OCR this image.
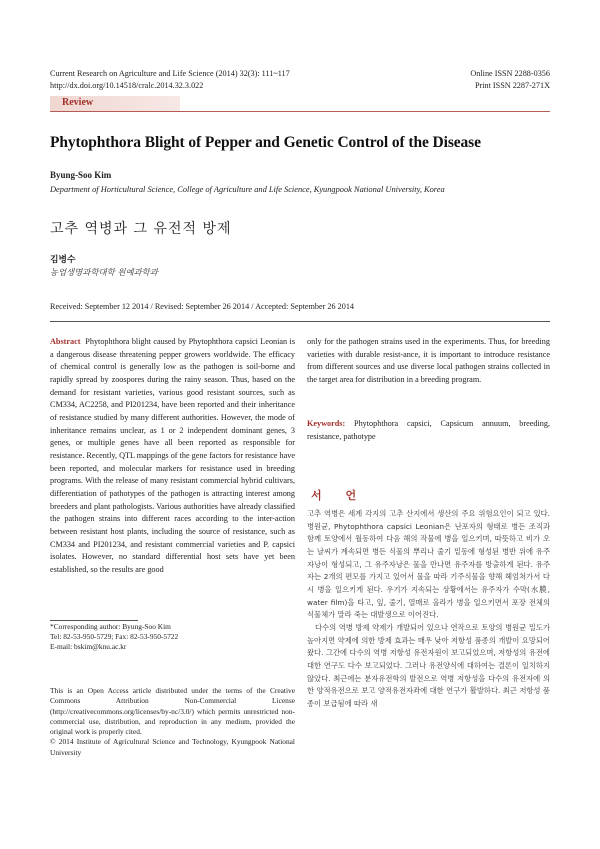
Current Research on Agriculture and Life Science (2014) 32(3): 111~117
http://dx.doi.org/10.14518/cralс.2014.32.3.022
Online ISSN 2288-0356
Print ISSN 2287-271X
Review
Phytophthora Blight of Pepper and Genetic Control of the Disease
Byung-Soo Kim
Department of Horticultural Science, College of Agriculture and Life Science, Kyungpook National University, Korea
고추 역병과 그 유전적 방제
김병수
농업생명과학대학 원예과학과
Received: September 12 2014 / Revised: September 26 2014 / Accepted: September 26 2014

Abstract Phytophthora blight caused by Phytophthora capsici Leonian is a dangerous disease threatening pepper growers worldwide. The efficacy of chemical control is generally low as the pathogen is soil-borne and rapidly spread by zoospores during the rainy season. Thus, based on the demand for resistant varieties, various good resistant sources, such as CM334, AC2258, and PI201234, have been reported and their inheritance of resistance studied by many different authorities. However, the mode of inheritance remains unclear, as 1 or 2 independent dominant genes, 3 genes, or multiple genes have all been reported as responsible for resistance. Recently, QTL mappings of the gene factors for resistance have been reported, and molecular markers for resistance used in breeding programs. With the release of many resistant commercial hybrid cultivars, differentiation of pathotypes of the pathogen is attracting interest among breeders and plant pathologists. Various authorities have already classified the pathogen strains into different races according to the inter-action between resistant host plants, including the source of resistance, such as CM334 and PI201234, and resistant commercial varieties and P. capsici isolates. However, no standard differential host sets have yet been established, so the results are good

only for the pathogen strains used in the experiments. Thus, for breeding varieties with durable resist-ance, it is important to introduce resistance from different sources and use diverse local pathogen strains collected in the target area for distribution in a breeding program.

Keywords: Phytophthora capsici, Capsicum annuum, breeding, resistance, pathotype

서 언

고추 역병은 세계 각지의 고추 산지에서 생산의 주요 위험요인이 되고 있다. 병원균, Phytophthora capsici Leonian은 난포자의 형태로 병든 조직과 함께 토양에서 월동하여 다음 해의 작물에 병을 일으키며, 따뜻하고 비가 오는 날씨가 계속되면 병든 식물의 뿌리나 줄기 밑동에 형성된 병반 위에 유주자낭이 형성되고, 그 유주자낭은 물을 만나면 유주자를 방출하게 된다. 유주자는 2개의 편모를 가지고 있어서 물을 따라 기주식물을 향해 헤엄쳐가서 다시 병을 일으키게 된다. 우기가 지속되는 상황에서는 유주자가 수막(水膜, water film)을 타고, 잎, 줄기, 열매로 올라가 병을 일으키면서 포장 전체의 식물체가 말라 죽는 대발생으로 이어진다.

다수의 역병 방제 약제가 개발되어 있으나 연작으로 토양의 병원균 밀도가 높아지면 약제에 의한 방제 효과는 매우 낮아 저항성 품종의 개발이 요망되어 왔다. 그간에 다수의 역병 저항성 유전자원이 보고되었으며, 저항성의 유전에 대한 연구도 다수 보고되었다. 그러나 유전양식에 대하여는 결론이 일치하지 않았다. 최근에는 분자유전학의 발전으로 역병 저항성을 다수의 유전자에 의한 양적유전으로 보고 양적유전자좌에 대한 연구가 활발하다. 최근 저항성 품종이 보급됨에 따라 새

*Corresponding author: Byung-Soo Kim
Tel: 82-53-950-5729; Fax: 82-53-950-5722
E-mail: bskim@knu.ac.kr
This is an Open Access article distributed under the terms of the Creative Commons Attribution Non-Commercial License (http://creativecommons.org/licenses/by-nc/3.0/) which permits unrestricted non-commercial use, distribution, and reproduction in any medium, provided the original work is properly cited.
© 2014 Institute of Agricultural Science and Technology, Kyungpook National University
